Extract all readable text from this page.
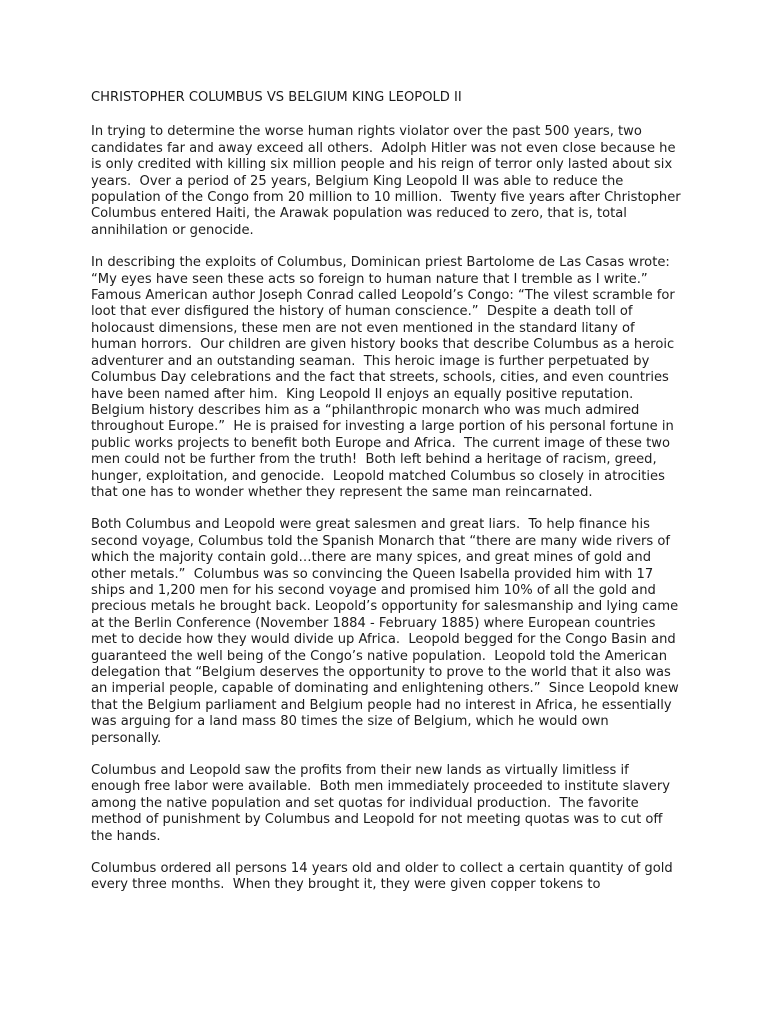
CHRISTOPHER COLUMBUS VS BELGIUM KING LEOPOLD II
In trying to determine the worse human rights violator over the past 500 years, two candidates far and away exceed all others.  Adolph Hitler was not even close because he is only credited with killing six million people and his reign of terror only lasted about six years.  Over a period of 25 years, Belgium King Leopold II was able to reduce the population of the Congo from 20 million to 10 million.  Twenty five years after Christopher Columbus entered Haiti, the Arawak population was reduced to zero, that is, total annihilation or genocide.
In describing the exploits of Columbus, Dominican priest Bartolome de Las Casas wrote: “My eyes have seen these acts so foreign to human nature that I tremble as I write.”  Famous American author Joseph Conrad called Leopold’s Congo: “The vilest scramble for loot that ever disfigured the history of human conscience.”  Despite a death toll of holocaust dimensions, these men are not even mentioned in the standard litany of human horrors.  Our children are given history books that describe Columbus as a heroic adventurer and an outstanding seaman.  This heroic image is further perpetuated by Columbus Day celebrations and the fact that streets, schools, cities, and even countries have been named after him.  King Leopold II enjoys an equally positive reputation.  Belgium history describes him as a “philanthropic monarch who was much admired throughout Europe.”  He is praised for investing a large portion of his personal fortune in public works projects to benefit both Europe and Africa.  The current image of these two men could not be further from the truth!  Both left behind a heritage of racism, greed, hunger, exploitation, and genocide.  Leopold matched Columbus so closely in atrocities that one has to wonder whether they represent the same man reincarnated.
Both Columbus and Leopold were great salesmen and great liars.  To help finance his second voyage, Columbus told the Spanish Monarch that “there are many wide rivers of which the majority contain gold…there are many spices, and great mines of gold and other metals.”  Columbus was so convincing the Queen Isabella provided him with 17 ships and 1,200 men for his second voyage and promised him 10% of all the gold and precious metals he brought back. Leopold’s opportunity for salesmanship and lying came at the Berlin Conference (November 1884 - February 1885) where European countries met to decide how they would divide up Africa.  Leopold begged for the Congo Basin and guaranteed the well being of the Congo’s native population.  Leopold told the American delegation that “Belgium deserves the opportunity to prove to the world that it also was an imperial people, capable of dominating and enlightening others.”  Since Leopold knew that the Belgium parliament and Belgium people had no interest in Africa, he essentially was arguing for a land mass 80 times the size of Belgium, which he would own personally.
Columbus and Leopold saw the profits from their new lands as virtually limitless if enough free labor were available.  Both men immediately proceeded to institute slavery among the native population and set quotas for individual production.  The favorite method of punishment by Columbus and Leopold for not meeting quotas was to cut off the hands.
Columbus ordered all persons 14 years old and older to collect a certain quantity of gold every three months.  When they brought it, they were given copper tokens to
